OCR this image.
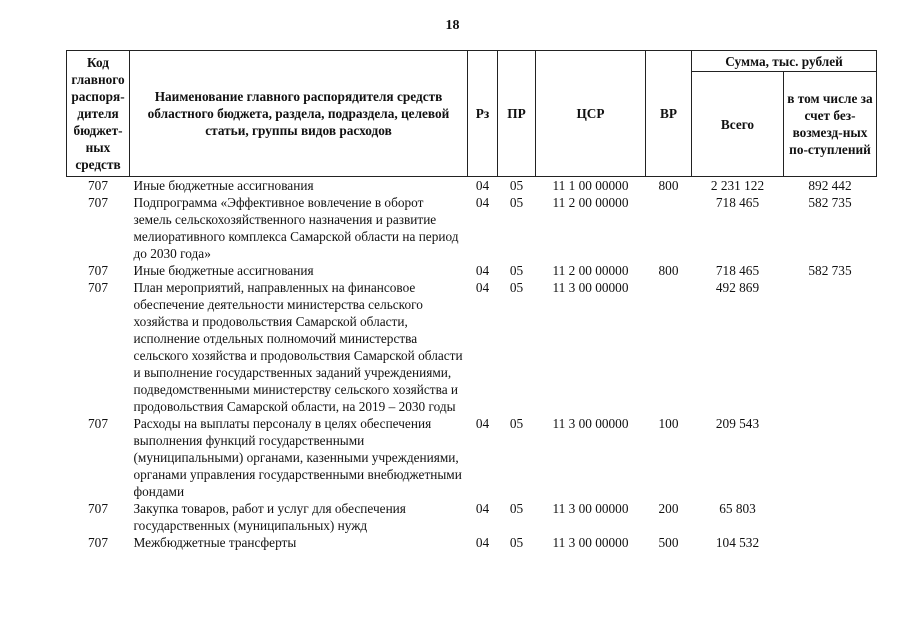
18
Код главного распоря-дителя бюджет-ных средств	Наименование главного распорядителя средств областного бюджета, раздела, подраздела, целевой статьи, группы видов расходов	Рз	ПР	ЦСР	ВР	Сумма, тыс. рублей	
						Всего	в том числе за счет без-возмезд-ных по-ступлений
707	Иные бюджетные ассигнования	04	05	11 1 00 00000	800	2 231 122	892 442
707	Подпрограмма «Эффективное вовлечение в оборот земель сельскохозяйственного назначения и развитие мелиоративного комплекса Самарской области на период до 2030 года»	04	05	11 2 00 00000		718 465	582 735
707	Иные бюджетные ассигнования	04	05	11 2 00 00000	800	718 465	582 735
707	План мероприятий, направленных на финансовое обеспечение деятельности министерства сельского хозяйства и продовольствия Самарской области, исполнение отдельных полномочий министерства сельского хозяйства и продовольствия Самарской области и выполнение государственных заданий учреждениями, подведомственными министерству сельского хозяйства и продовольствия Самарской области, на 2019 – 2030 годы	04	05	11 3 00 00000		492 869	
707	Расходы на выплаты персоналу в целях обеспечения выполнения функций государственными (муниципальными) органами, казенными учреждениями, органами управления государственными внебюджетными фондами	04	05	11 3 00 00000	100	209 543	
707	Закупка товаров, работ и услуг для обеспечения государственных (муниципальных) нужд	04	05	11 3 00 00000	200	65 803	
707	Межбюджетные трансферты	04	05	11 3 00 00000	500	104 532	
